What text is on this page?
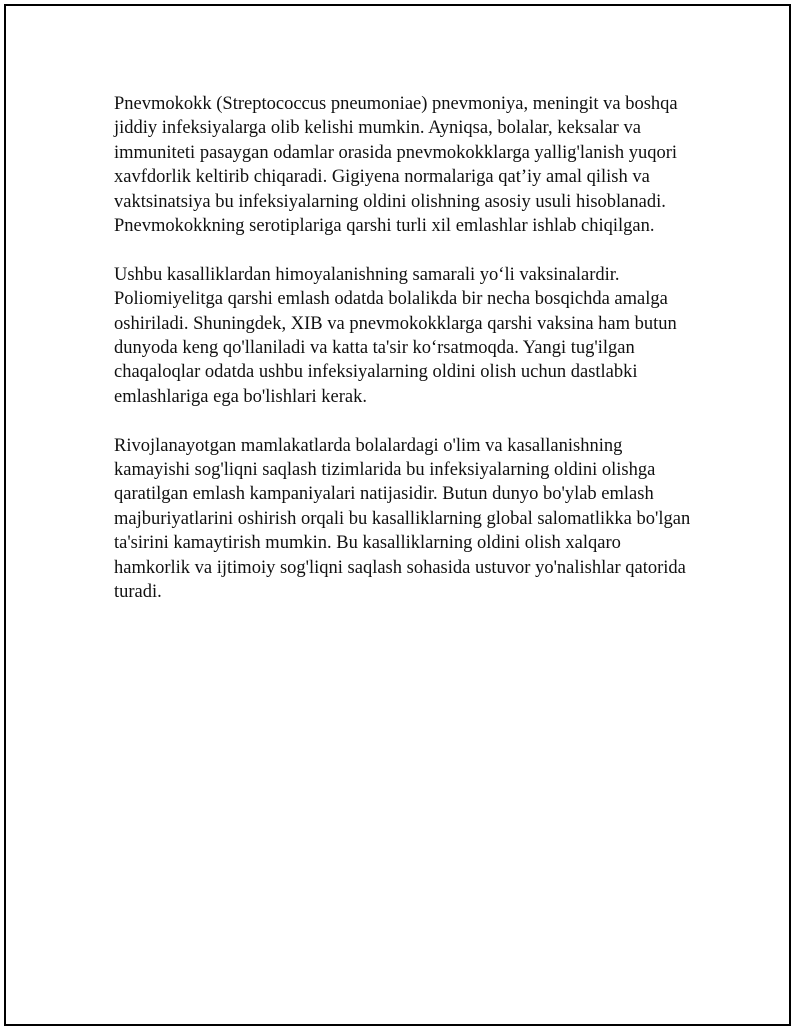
Pnevmokokk (Streptococcus pneumoniae) pnevmoniya, meningit va boshqa jiddiy infeksiyalarga olib kelishi mumkin. Ayniqsa, bolalar, keksalar va immuniteti pasaygan odamlar orasida pnevmokokklarga yallig'lanish yuqori xavfdorlik keltirib chiqaradi. Gigiyena normalariga qat’iy amal qilish va vaktsinatsiya bu infeksiyalarning oldini olishning asosiy usuli hisoblanadi. Pnevmokokkning serotiplariga qarshi turli xil emlashlar ishlab chiqilgan.

Ushbu kasalliklardan himoyalanishning samarali yo‘li vaksinalardir. Poliomiyelitga qarshi emlash odatda bolalikda bir necha bosqichda amalga oshiriladi. Shuningdek, XIB va pnevmokokklarga qarshi vaksina ham butun dunyoda keng qo'llaniladi va katta ta'sir ko‘rsatmoqda. Yangi tug'ilgan chaqaloqlar odatda ushbu infeksiyalarning oldini olish uchun dastlabki emlashlariga ega bo'lishlari kerak.

Rivojlanayotgan mamlakatlarda bolalardagi o'lim va kasallanishning kamayishi sog'liqni saqlash tizimlarida bu infeksiyalarning oldini olishga qaratilgan emlash kampaniyalari natijasidir. Butun dunyo bo'ylab emlash majburiyatlarini oshirish orqali bu kasalliklarning global salomatlikka bo'lgan ta'sirini kamaytirish mumkin. Bu kasalliklarning oldini olish xalqaro hamkorlik va ijtimoiy sog'liqni saqlash sohasida ustuvor yo'nalishlar qatorida turadi.
